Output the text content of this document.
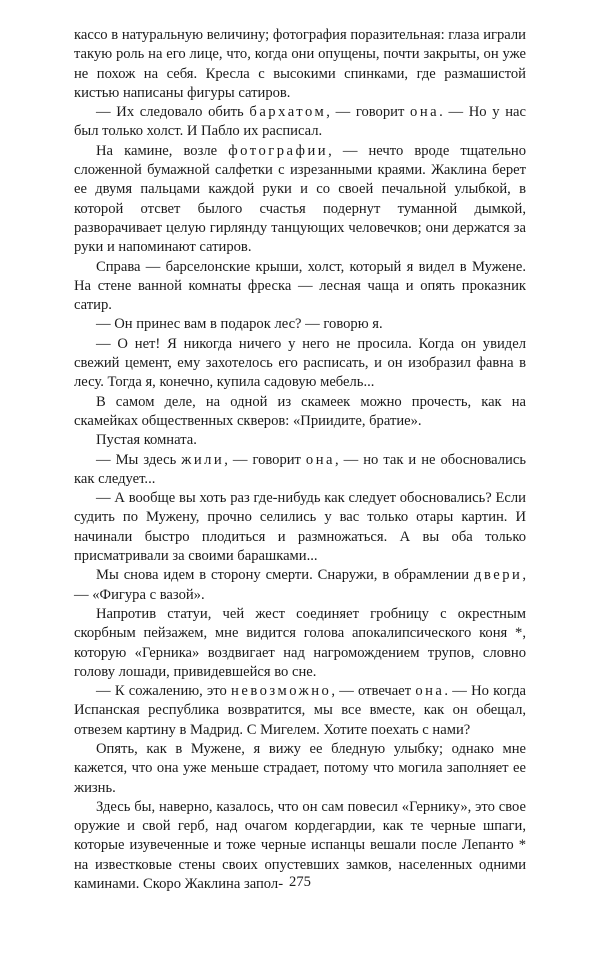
кассо в натуральную величину; фотография поразительная: глаза играли такую роль на его лице, что, когда они опущены, почти закрыты, он уже не похож на себя. Кресла с высокими спинками, где размашистой кистью написаны фигуры сатиров.

— Их следовало обить бархатом, — говорит она. — Но у нас был только холст. И Пабло их расписал.

На камине, возле фотографии, — нечто вроде тщательно сложенной бумажной салфетки с изрезанными краями. Жаклина берет ее двумя пальцами каждой руки и со своей печальной улыбкой, в которой отсвет былого счастья подернут туманной дымкой, разворачивает целую гирлянду танцующих человечков; они держатся за руки и напоминают сатиров.

Справа — барселонские крыши, холст, который я видел в Мужене. На стене ванной комнаты фреска — лесная чаща и опять проказник сатир.

— Он принес вам в подарок лес? — говорю я.

— О нет! Я никогда ничего у него не просила. Когда он увидел свежий цемент, ему захотелось его расписать, и он изобразил фавна в лесу. Тогда я, конечно, купила садовую мебель...

В самом деле, на одной из скамеек можно прочесть, как на скамейках общественных скверов: «Приидите, братие».

Пустая комната.

— Мы здесь жили, — говорит она, — но так и не обосновались как следует...

— А вообще вы хоть раз где-нибудь как следует обосновались? Если судить по Мужену, прочно селились у вас только отары картин. И начинали быстро плодиться и размножаться. А вы оба только присматривали за своими барашками...

Мы снова идем в сторону смерти. Снаружи, в обрамлении двери, — «Фигура с вазой».

Напротив статуи, чей жест соединяет гробницу с окрестным скорбным пейзажем, мне видится голова апокалипсического коня *, которую «Герника» воздвигает над нагромождением трупов, словно голову лошади, привидевшейся во сне.

— К сожалению, это невозможно, — отвечает она. — Но когда Испанская республика возвратится, мы все вместе, как он обещал, отвезем картину в Мадрид. С Мигелем. Хотите поехать с нами?

Опять, как в Мужене, я вижу ее бледную улыбку; однако мне кажется, что она уже меньше страдает, потому что могила заполняет ее жизнь.

Здесь бы, наверно, казалось, что он сам повесил «Гернику», это свое оружие и свой герб, над очагом кордегардии, как те черные шпаги, которые изувеченные и тоже черные испанцы вешали после Лепанто * на известковые стены своих опустевших замков, населенных одними каминами. Скоро Жаклина запол- 275
